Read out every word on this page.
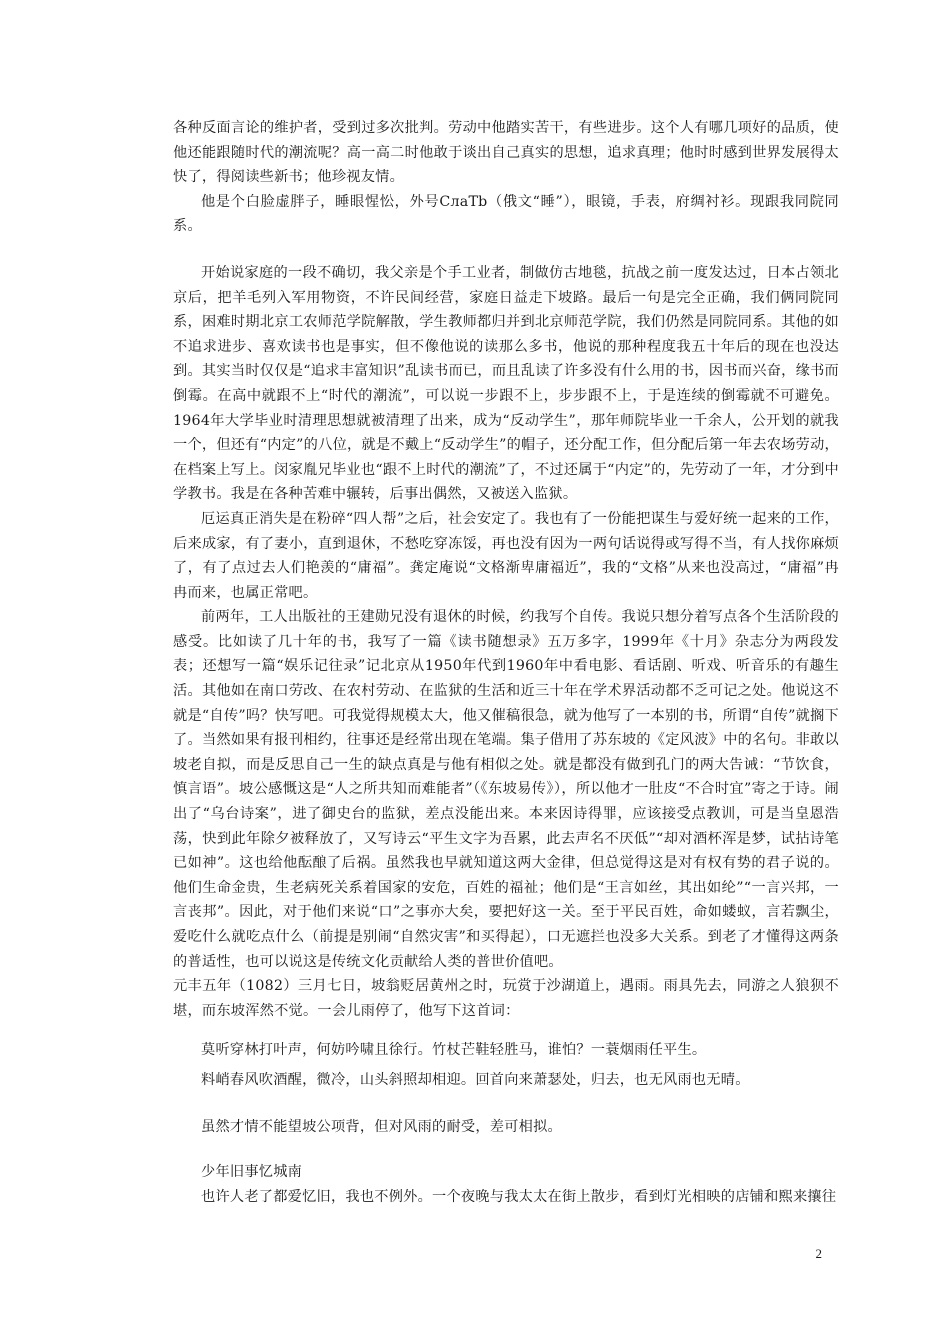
各种反面言论的维护者，受到过多次批判。劳动中他踏实苦干，有些进步。这个人有哪几项好的品质，使他还能跟随时代的潮流呢？高一高二时他敢于谈出自己真实的思想，追求真理；他时时感到世界发展得太快了，得阅读些新书；他珍视友情。

他是个白脸虚胖子，睡眼惺忪，外号СлaТb（俄文“睡”），眼镜，手表，府绸衬衫。现跟我同院同系。

开始说家庭的一段不确切，我父亲是个手工业者，制做仿古地毯，抗战之前一度发达过，日本占领北京后，把羊毛列入军用物资，不许民间经营，家庭日益走下坡路。最后一句是完全正确，我们俩同院同系，困难时期北京工农师范学院解散，学生教师都归并到北京师范学院，我们仍然是同院同系。其他的如不追求进步、喜欢读书也是事实，但不像他说的读那么多书，他说的那种程度我五十年后的现在也没达到。其实当时仅仅是“追求丰富知识”乱读书而已，而且乱读了许多没有什么用的书，因书而兴奋，缘书而倒霉。在高中就跟不上“时代的潮流”，可以说一步跟不上，步步跟不上，于是连续的倒霉就不可避免。1964年大学毕业时清理思想就被清理了出来，成为“反动学生”，那年师院毕业一千余人，公开划的就我一个，但还有“内定”的八位，就是不戴上“反动学生”的帽子，还分配工作，但分配后第一年去农场劳动，在档案上写上。闵家胤兄毕业也“跟不上时代的潮流”了，不过还属于“内定”的，先劳动了一年，才分到中学教书。我是在各种苦难中辗转，后事出偶然，又被送入监狱。

厄运真正消失是在粉碎“四人帮”之后，社会安定了。我也有了一份能把谋生与爱好统一起来的工作，后来成家，有了妻小，直到退休，不愁吃穿冻馁，再也没有因为一两句话说得或写得不当，有人找你麻烦了，有了点过去人们艳羡的“庸福”。龚定庵说“文格渐卑庸福近”，我的“文格”从来也没高过，“庸福”冉冉而来，也属正常吧。

前两年，工人出版社的王建勋兄没有退休的时候，约我写个自传。我说只想分着写点各个生活阶段的感受。比如读了几十年的书，我写了一篇《读书随想录》五万多字，1999年《十月》杂志分为两段发表；还想写一篇“娱乐记往录”记北京从1950年代到1960年中看电影、看话剧、听戏、听音乐的有趣生活。其他如在南口劳改、在农村劳动、在监狱的生活和近三十年在学术界活动都不乏可记之处。他说这不就是“自传”吗？快写吧。可我觉得规模太大，他又催稿很急，就为他写了一本别的书，所谓“自传”就搁下了。当然如果有报刊相约，往事还是经常出现在笔端。集子借用了苏东坡的《定风波》中的名句。非敢以坡老自拟，而是反思自己一生的缺点真是与他有相似之处。就是都没有做到孔门的两大告诫：“节饮食，慎言语”。坡公感慨这是“人之所共知而难能者”（《东坡易传》），所以他才一肚皮“不合时宜”寄之于诗。闹出了“乌台诗案”，进了御史台的监狱，差点没能出来。本来因诗得罪，应该接受点教训，可是当皇恩浩荡，快到此年除夕被释放了，又写诗云“平生文字为吾累，此去声名不厌低”“却对酒杯浑是梦，试拈诗笔已如神”。这也给他酝酿了后祸。虽然我也早就知道这两大金律，但总觉得这是对有权有势的君子说的。他们生命金贵，生老病死关系着国家的安危，百姓的福祉；他们是“王言如丝，其出如纶”“一言兴邦，一言丧邦”。因此，对于他们来说“口”之事亦大矣，要把好这一关。至于平民百姓，命如蝼蚁，言若飘尘，爱吃什么就吃点什么（前提是别闹“自然灾害”和买得起），口无遮拦也没多大关系。到老了才懂得这两条的普适性，也可以说这是传统文化贡献给人类的普世价值吧。

元丰五年（1082）三月七日，坡翁贬居黄州之时，玩赏于沙湖道上，遇雨。雨具先去，同游之人狼狈不堪，而东坡浑然不觉。一会儿雨停了，他写下这首词：

莫听穿林打叶声，何妨吟啸且徐行。竹杖芒鞋轻胜马，谁怕？一蓑烟雨任平生。

料峭春风吹酒醒，微冷，山头斜照却相迎。回首向来萧瑟处，归去，也无风雨也无晴。

虽然才情不能望坡公项背，但对风雨的耐受，差可相拟。

少年旧事忆城南

也许人老了都爱忆旧，我也不例外。一个夜晚与我太太在街上散步，看到灯光相映的店铺和熙来攘往

2
